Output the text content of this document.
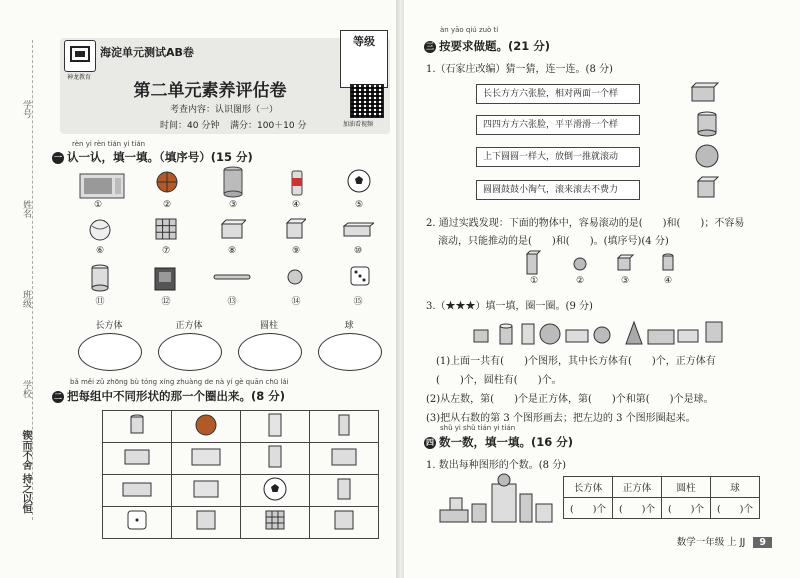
学号
姓名
班级
学校
锲而不舍 持之以恒
神龙教育
海淀单元测试AB卷
等级
第二单元素养评估卷
考查内容：认识图形（一）
时间：40 分钟 满分：100＋10 分	加油看视频
rèn yi rèn tián yi tián
一 认一认，填一填。（填序号）(15 分)
①	②	③	④	⑤
⑥	⑦	⑧	⑨	⑩
⑪	⑫	⑬	⑭	⑮
长方体	正方体	圆柱	球
bǎ měi zǔ zhōng bù tóng xíng zhuàng de nà yí gè quān chū lái
二 把每组中不同形状的那一个圈出来。(8 分)

àn yāo qiú zuò tí
三 按要求做题。(21 分)
1.（石家庄改编）猜一猜，连一连。(8 分)
长长方方六张脸，相对两面一个样
四四方方六张脸，平平滑滑一个样
上下圆圆一样大，放倒一推就滚动
圆圆鼓鼓小淘气，滚来滚去不费力
2. 通过实践发现：下面的物体中，容易滚动的是(　　)和(　　)；不容易
滚动，只能推动的是(　　)和(　　)。(填序号)(4 分)
①	②	③	④
3.（★★★）填一填，圈一圈。(9 分)
(1)上面一共有(　　)个图形，其中长方体有(　　)个，正方体有
(　　)个，圆柱有(　　)个。
(2)从左数，第(　　)个是正方体，第(　　)个和第(　　)个是球。
(3)把从右数的第 3 个图形画去；把左边的 3 个图形圈起来。
shǔ yi shǔ tián yi tián
四 数一数，填一填。(16 分)
1. 数出每种图形的个数。(8 分)
长方体	正方体	圆柱	球
(　　)个	(　　)个	(　　)个	(　　)个
数学一年级 上 JJ 9
